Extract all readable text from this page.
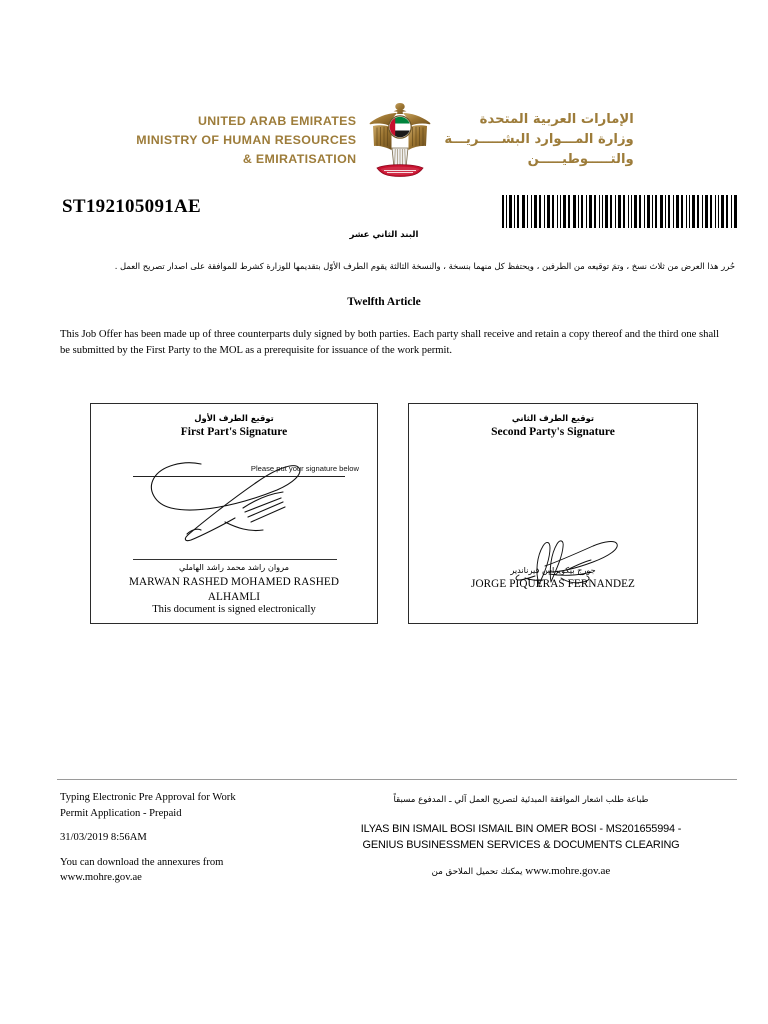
UNITED ARAB EMIRATES
MINISTRY OF HUMAN RESOURCES
& EMIRATISATION
الإمارات العربية المتحدة
وزارة المـــوارد البشـــــريـــة
والتـــــوطيـــــن
ST192105091AE
البند الثاني عشر
حُرر هذا العرض من ثلاث نسخ ، وتمَ توقيعه من الطرفين ، ويحتفظ كل منهما بنسخة ، والنسخة الثالثة يقوم الطرف الأوّل بتقديمها للوزارة كشرط للموافقة على اصدار تصريح العمل .
Twelfth Article
This Job Offer has been made up of three counterparts duly signed by both parties. Each party shall receive and retain a copy thereof and the third one shall be submitted by the First Party to the MOL as a prerequisite for issuance of the work permit.
توقيع الطرف الأول
First Part's Signature
Please put your signature below
مروان راشد محمد راشد الهاملي
MARWAN RASHED MOHAMED RASHED ALHAMLI
This document is signed electronically
توقيع الطرف الثاني
Second Party's Signature
جورج بيكويراس فيرناندير
JORGE PIQUERAS FERNANDEZ
Typing Electronic Pre Approval for Work
Permit Application - Prepaid
31/03/2019 8:56AM
You can download the annexures from
www.mohre.gov.ae
طباعة طلب اشعار الموافقة المبدئية لتصريح العمل آلي ـ المدفوع مسبقاً
ILYAS BIN ISMAIL BOSI ISMAIL BIN OMER BOSI - MS201655994 -
GENIUS BUSINESSMEN SERVICES & DOCUMENTS CLEARING
www.mohre.gov.ae يمكنك تحميل الملاحق من
